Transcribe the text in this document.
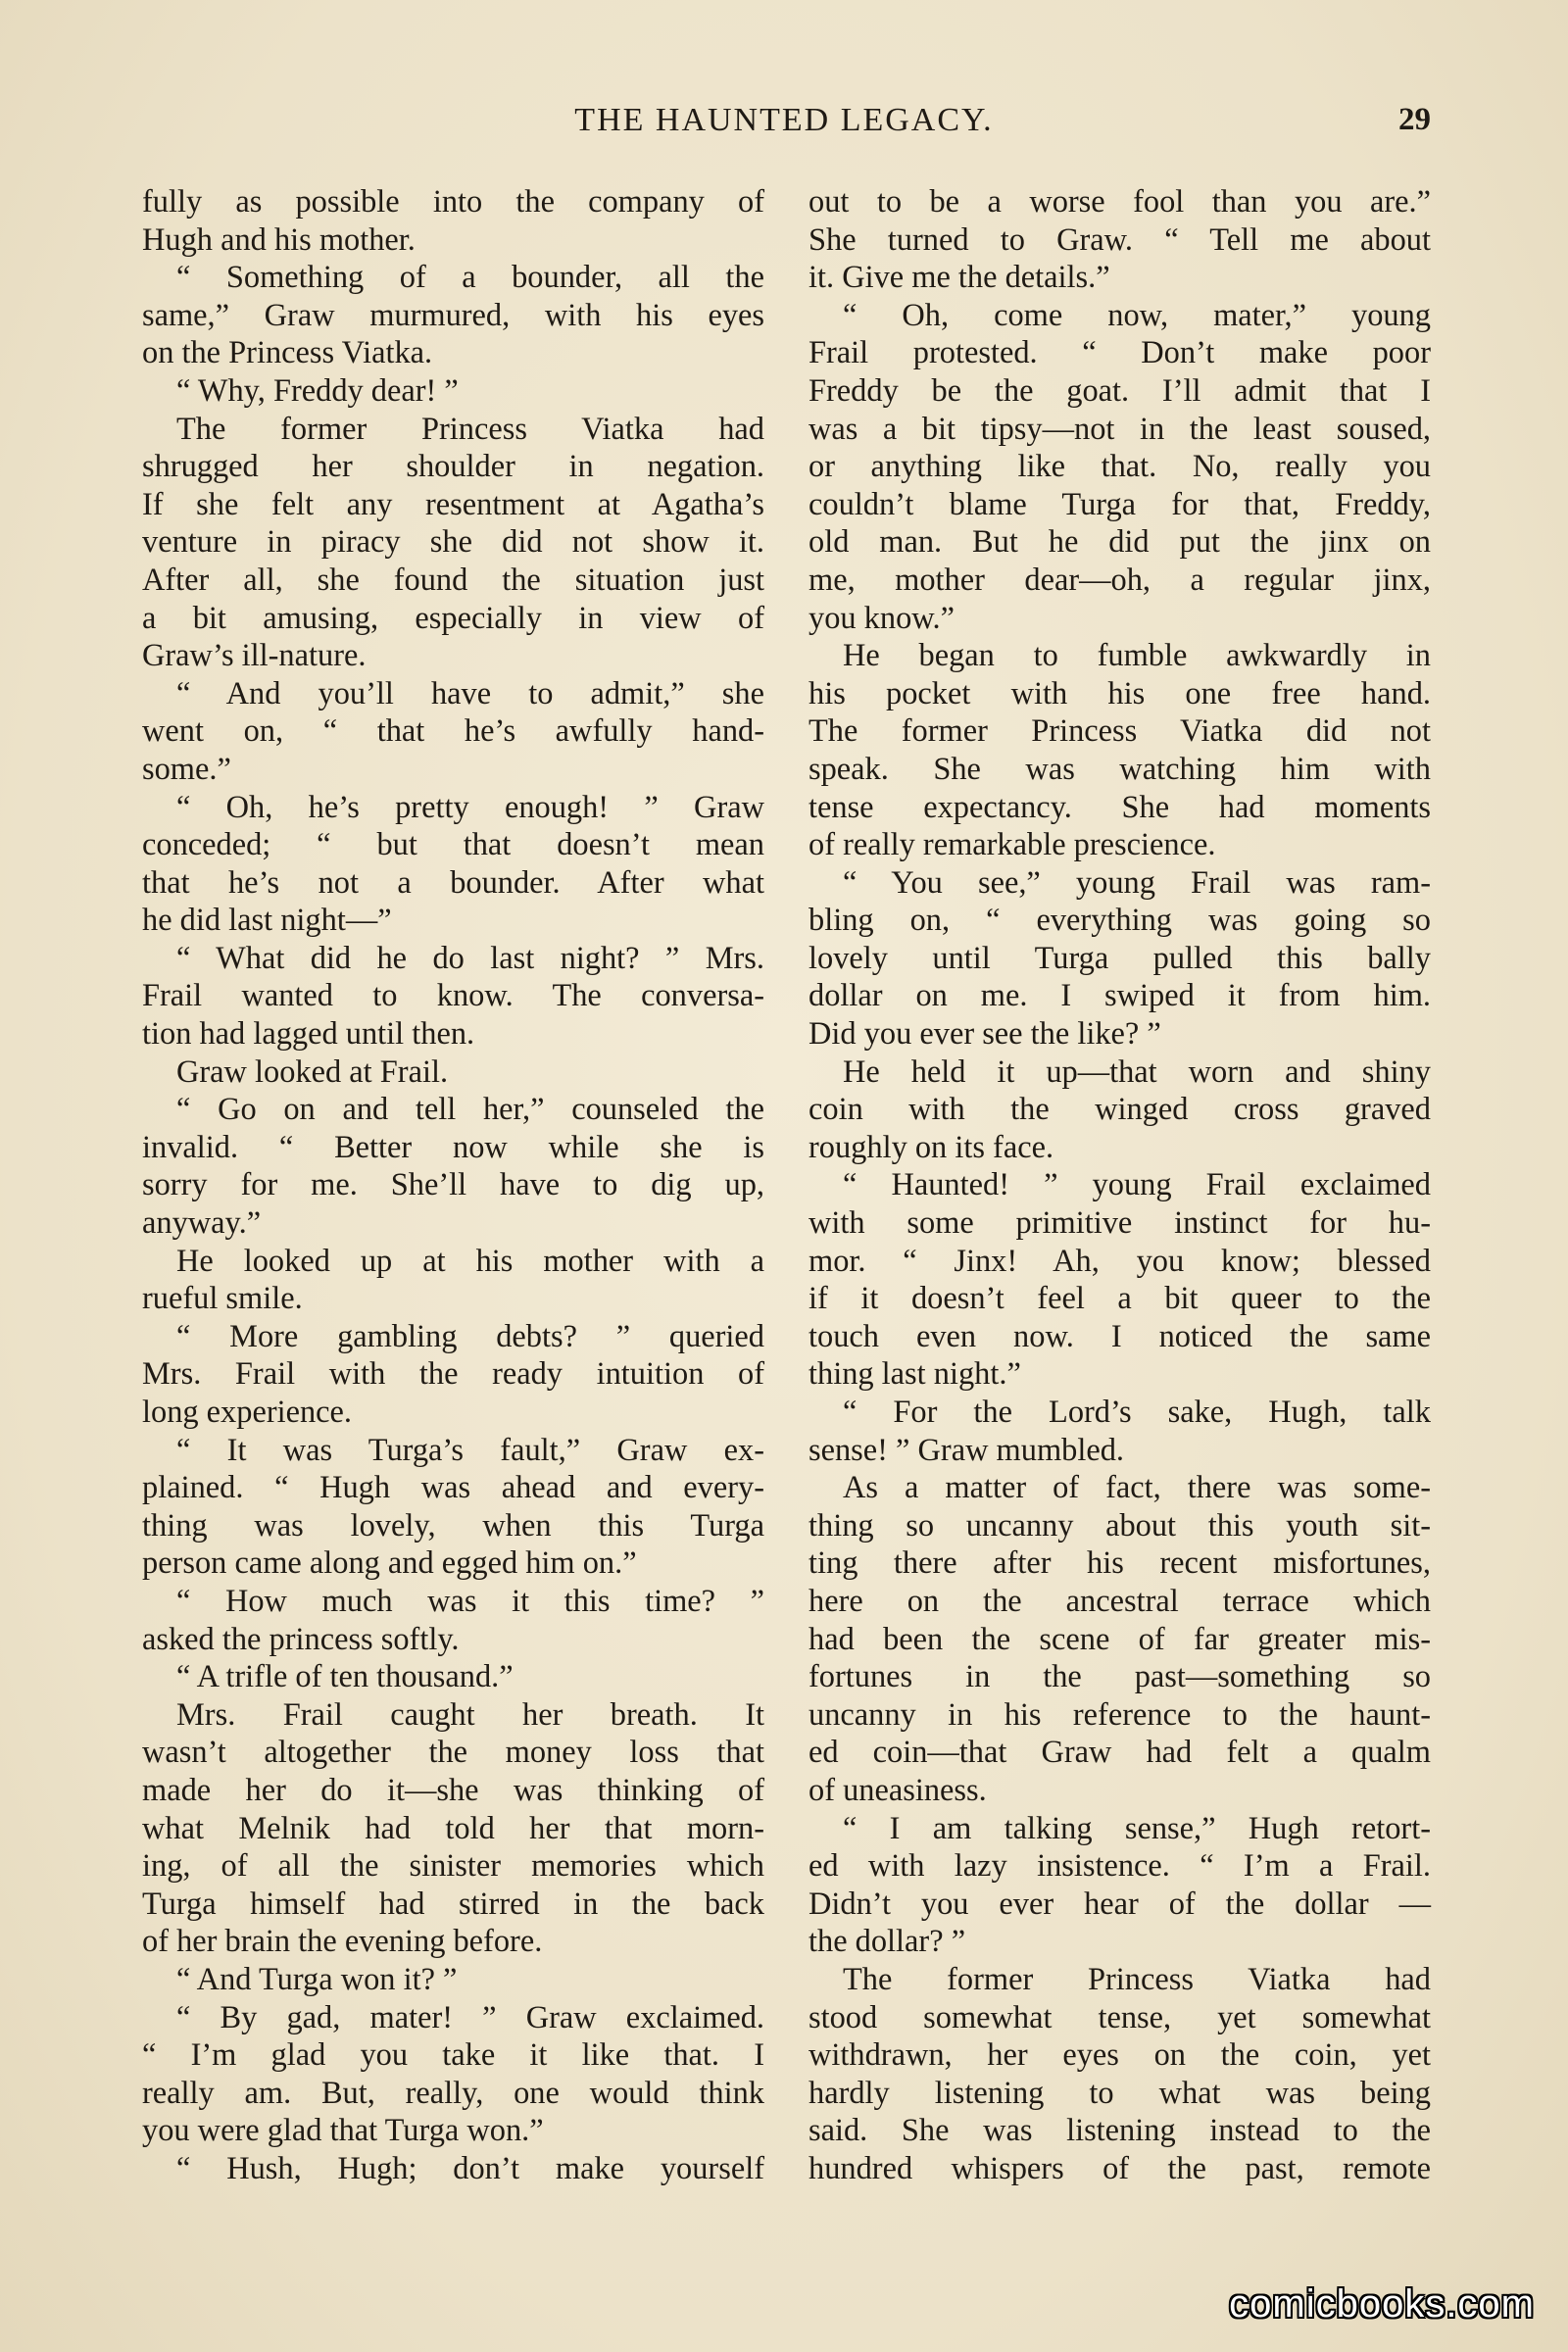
THE HAUNTED LEGACY.	29
fully as possible into the company of
Hugh and his mother.
“ Something of a bounder, all the
same,” Graw murmured, with his eyes
on the Princess Viatka.
“ Why, Freddy dear! ”
The former Princess Viatka had
shrugged her shoulder in negation.
If she felt any resentment at Agatha’s
venture in piracy she did not show it.
After all, she found the situation just
a bit amusing, especially in view of
Graw’s ill-nature.
“ And you’ll have to admit,” she
went on, “ that he’s awfully hand-
some.”
“ Oh, he’s pretty enough! ” Graw
conceded; “ but that doesn’t mean
that he’s not a bounder. After what
he did last night—”
“ What did he do last night? ” Mrs.
Frail wanted to know. The conversa-
tion had lagged until then.
Graw looked at Frail.
“ Go on and tell her,” counseled the
invalid. “ Better now while she is
sorry for me. She’ll have to dig up,
anyway.”
He looked up at his mother with a
rueful smile.
“ More gambling debts? ” queried
Mrs. Frail with the ready intuition of
long experience.
“ It was Turga’s fault,” Graw ex-
plained. “ Hugh was ahead and every-
thing was lovely, when this Turga
person came along and egged him on.”
“ How much was it this time? ”
asked the princess softly.
“ A trifle of ten thousand.”
Mrs. Frail caught her breath. It
wasn’t altogether the money loss that
made her do it—she was thinking of
what Melnik had told her that morn-
ing, of all the sinister memories which
Turga himself had stirred in the back
of her brain the evening before.
“ And Turga won it? ”
“ By gad, mater! ” Graw exclaimed.
“ I’m glad you take it like that. I
really am. But, really, one would think
you were glad that Turga won.”
“ Hush, Hugh; don’t make yourself
out to be a worse fool than you are.”
She turned to Graw. “ Tell me about
it. Give me the details.”
“ Oh, come now, mater,” young
Frail protested. “ Don’t make poor
Freddy be the goat. I’ll admit that I
was a bit tipsy—not in the least soused,
or anything like that. No, really you
couldn’t blame Turga for that, Freddy,
old man. But he did put the jinx on
me, mother dear—oh, a regular jinx,
you know.”
He began to fumble awkwardly in
his pocket with his one free hand.
The former Princess Viatka did not
speak. She was watching him with
tense expectancy. She had moments
of really remarkable prescience.
“ You see,” young Frail was ram-
bling on, “ everything was going so
lovely until Turga pulled this bally
dollar on me. I swiped it from him.
Did you ever see the like? ”
He held it up—that worn and shiny
coin with the winged cross graved
roughly on its face.
“ Haunted! ” young Frail exclaimed
with some primitive instinct for hu-
mor. “ Jinx! Ah, you know; blessed
if it doesn’t feel a bit queer to the
touch even now. I noticed the same
thing last night.”
“ For the Lord’s sake, Hugh, talk
sense! ” Graw mumbled.
As a matter of fact, there was some-
thing so uncanny about this youth sit-
ting there after his recent misfortunes,
here on the ancestral terrace which
had been the scene of far greater mis-
fortunes in the past—something so
uncanny in his reference to the haunt-
ed coin—that Graw had felt a qualm
of uneasiness.
“ I am talking sense,” Hugh retort-
ed with lazy insistence. “ I’m a Frail.
Didn’t you ever hear of the dollar —
the dollar? ”
The former Princess Viatka had
stood somewhat tense, yet somewhat
withdrawn, her eyes on the coin, yet
hardly listening to what was being
said. She was listening instead to the
hundred whispers of the past, remote
comicbooks.com
